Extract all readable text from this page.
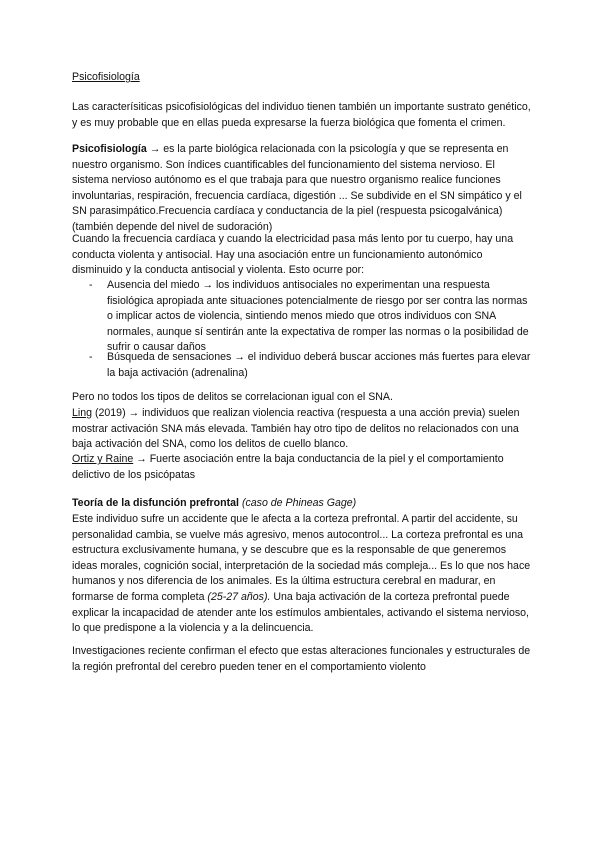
Psicofisiología

Las caracterísiticas psicofisiológicas del individuo tienen también un importante sustrato genético, y es muy probable que en ellas pueda expresarse la fuerza biológica que fomenta el crimen.

Psicofisiología → es la parte biológica relacionada con la psicología y que se representa en nuestro organismo. Son índices cuantificables del funcionamiento del sistema nervioso. El sistema nervioso autónomo es el que trabaja para que nuestro organismo realice funciones involuntarias, respiración, frecuencia cardíaca, digestión ... Se subdivide en el SN simpático y el SN parasimpático.Frecuencia cardíaca y conductancia de la piel (respuesta psicogalvánica) (también depende del nivel de sudoración)

Cuando la frecuencia cardíaca y cuando la electricidad pasa más lento por tu cuerpo, hay una conducta violenta y antisocial. Hay una asociación entre un funcionamiento autonómico disminuido y la conducta antisocial y violenta. Esto ocurre por:

- Ausencia del miedo → los individuos antisociales no experimentan una respuesta fisiológica apropiada ante situaciones potencialmente de riesgo por ser contra las normas o implicar actos de violencia, sintiendo menos miedo que otros individuos con SNA normales, aunque sí sentirán ante la expectativa de romper las normas o la posibilidad de sufrir o causar daños

- Búsqueda de sensaciones → el individuo deberá buscar acciones más fuertes para elevar la baja activación (adrenalina)

Pero no todos los tipos de delitos se correlacionan igual con el SNA.

Ling (2019) → individuos que realizan violencia reactiva (respuesta a una acción previa) suelen mostrar activación SNA más elevada. También hay otro tipo de delitos no relacionados con una baja activación del SNA, como los delitos de cuello blanco.

Ortiz y Raine → Fuerte asociación entre la baja conductancia de la piel y el comportamiento delictivo de los psicópatas

Teoría de la disfunción prefrontal (caso de Phineas Gage)

Este individuo sufre un accidente que le afecta a la corteza prefrontal. A partir del accidente, su personalidad cambia, se vuelve más agresivo, menos autocontrol... La corteza prefrontal es una estructura exclusivamente humana, y se descubre que es la responsable de que generemos ideas morales, cognición social, interpretación de la sociedad más compleja... Es lo que nos hace humanos y nos diferencia de los animales. Es la última estructura cerebral en madurar, en formarse de forma completa (25-27 años). Una baja activación de la corteza prefrontal puede explicar la incapacidad de atender ante los estímulos ambientales, activando el sistema nervioso, lo que predispone a la violencia y a la delincuencia.

Investigaciones reciente confirman el efecto que estas alteraciones funcionales y estructurales de la región prefrontal del cerebro pueden tener en el comportamiento violento
